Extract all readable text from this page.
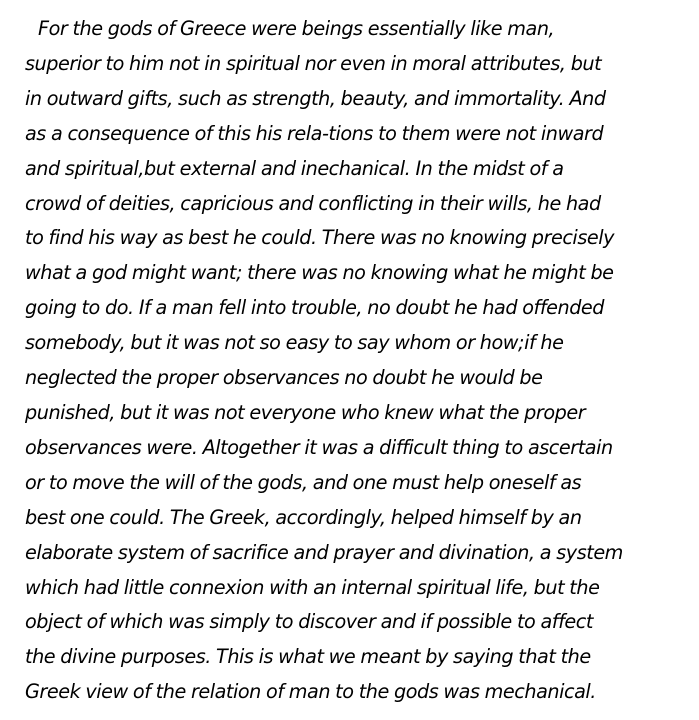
For the gods of Greece were beings essentially like man,
superior to him not in spiritual nor even in moral attributes, but
in outward gifts, such as strength, beauty, and immortality. And
as a consequence of this his rela-tions to them were not inward
and spiritual,but external and inechanical. In the midst of a
crowd of deities, capricious and conflicting in their wills, he had
to find his way as best he could. There was no knowing precisely
what a god might want; there was no knowing what he might be
going to do. If a man fell into trouble, no doubt he had offended
somebody, but it was not so easy to say whom or how;if he
neglected the proper observances no doubt he would be
punished, but it was not everyone who knew what the proper
observances were. Altogether it was a difficult thing to ascertain
or to move the will of the gods, and one must help oneself as
best one could. The Greek, accordingly, helped himself by an
elaborate system of sacrifice and prayer and divination, a system
which had little connexion with an internal spiritual life, but the
object of which was simply to discover and if possible to affect
the divine purposes. This is what we meant by saying that the
Greek view of the relation of man to the gods was mechanical.
